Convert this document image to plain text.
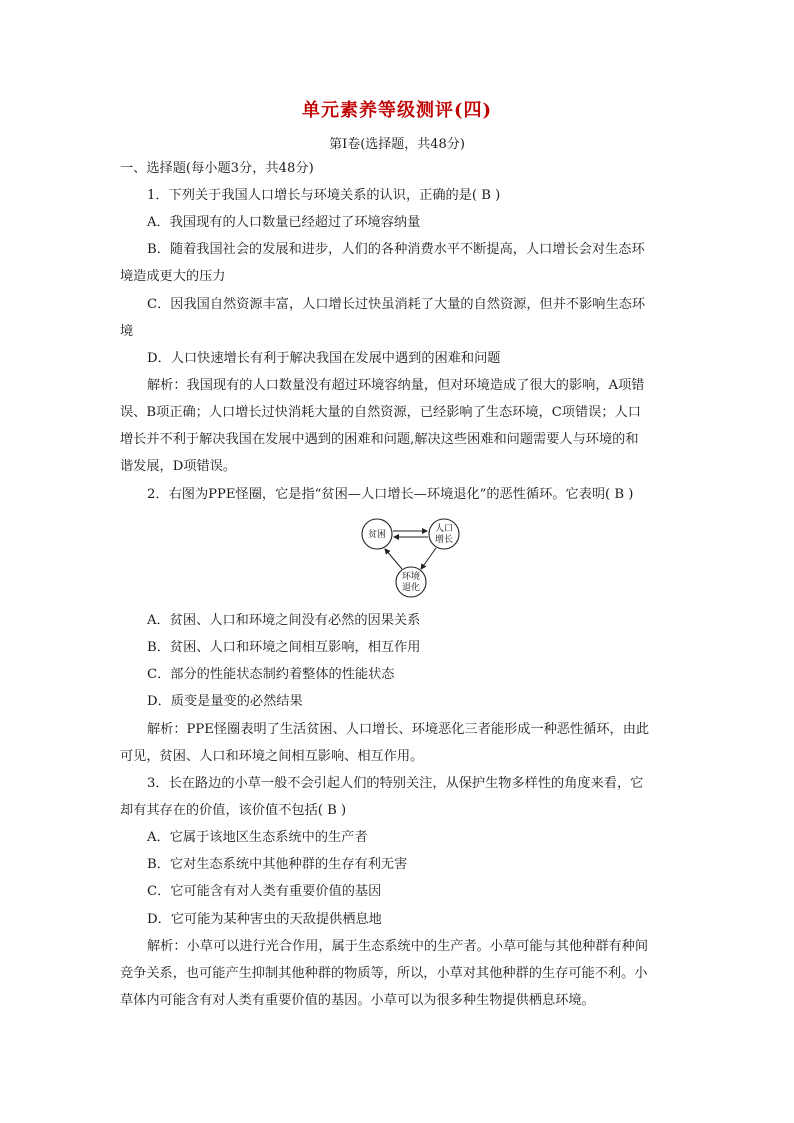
单元素养等级测评(四)
第Ⅰ卷(选择题，共48分)
一、选择题(每小题3分，共48分)
1．下列关于我国人口增长与环境关系的认识，正确的是( B )
A．我国现有的人口数量已经超过了环境容纳量
B．随着我国社会的发展和进步，人们的各种消费水平不断提高，人口增长会对生态环
境造成更大的压力
C．因我国自然资源丰富，人口增长过快虽消耗了大量的自然资源，但并不影响生态环
境
D．人口快速增长有利于解决我国在发展中遇到的困难和问题
解析：我国现有的人口数量没有超过环境容纳量，但对环境造成了很大的影响，A项错
误、B项正确；人口增长过快消耗大量的自然资源，已经影响了生态环境，C项错误；人口
增长并不利于解决我国在发展中遇到的困难和问题,解决这些困难和问题需要人与环境的和
谐发展，D项错误。
2．右图为PPE怪圈，它是指“贫困—人口增长—环境退化”的恶性循环。它表明( B )
贫困
人口
增长
环境
退化
A．贫困、人口和环境之间没有必然的因果关系
B．贫困、人口和环境之间相互影响，相互作用
C．部分的性能状态制约着整体的性能状态
D．质变是量变的必然结果
解析：PPE怪圈表明了生活贫困、人口增长、环境恶化三者能形成一种恶性循环，由此
可见，贫困、人口和环境之间相互影响、相互作用。
3．长在路边的小草一般不会引起人们的特别关注，从保护生物多样性的角度来看，它
却有其存在的价值，该价值不包括( B )
A．它属于该地区生态系统中的生产者
B．它对生态系统中其他种群的生存有利无害
C．它可能含有对人类有重要价值的基因
D．它可能为某种害虫的天敌提供栖息地
解析：小草可以进行光合作用，属于生态系统中的生产者。小草可能与其他种群有种间
竞争关系，也可能产生抑制其他种群的物质等，所以，小草对其他种群的生存可能不利。小
草体内可能含有对人类有重要价值的基因。小草可以为很多种生物提供栖息环境。
